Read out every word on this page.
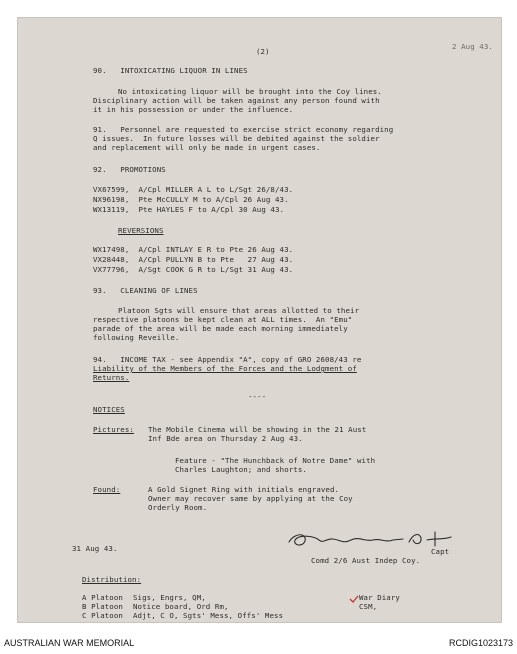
2 Aug 43.
(2)
90.   INTOXICATING LIQUOR IN LINES
No intoxicating liquor will be brought into the Coy lines.
Disciplinary action will be taken against any person found with
it in his possession or under the influence.
91.   Personnel are requested to exercise strict economy regarding
Q issues.  In future losses will be debited against the soldier
and replacement will only be made in urgent cases.
92.   PROMOTIONS
VX67599,  A/Cpl MILLER A L to L/Sgt 26/8/43.
NX96198,  Pte McCULLY M to A/Cpl 26 Aug 43.
WX13119,  Pte HAYLES F to A/Cpl 30 Aug 43.
REVERSIONS
WX17498,  A/Cpl INTLAY E R to Pte 26 Aug 43.
VX28448,  A/Cpl PULLYN B to Pte   27 Aug 43.
VX77796,  A/Sgt COOK G R to L/Sgt 31 Aug 43.
93.   CLEANING OF LINES
Platoon Sgts will ensure that areas allotted to their
respective platoons be kept clean at ALL times.  An "Emu"
parade of the area will be made each morning immediately
following Reveille.
94.   INCOME TAX - see Appendix "A", copy of GRO 2608/43 re
Liability of the Members of the Forces and the Lodgment of
Returns.
----
NOTICES
Pictures: The Mobile Cinema will be showing in the 21 Aust
Inf Bde area on Thursday 2 Aug 43.
Feature - "The Hunchback of Notre Dame" with
Charles Laughton; and shorts.
Found:	A Gold Signet Ring with initials engraved.
Owner may recover same by applying at the Coy
Orderly Room.
31 Aug 43.	Capt
Comd 2/6 Aust Indep Coy.
Distribution:
A Platoon Sigs, Engrs, QM,
B Platoon Notice board, Ord Rm,
C Platoon Adjt, C O, Sgts' Mess, Offs' Mess
War Diary
CSM,
AUSTRALIAN WAR MEMORIAL	RCDIG1023173
